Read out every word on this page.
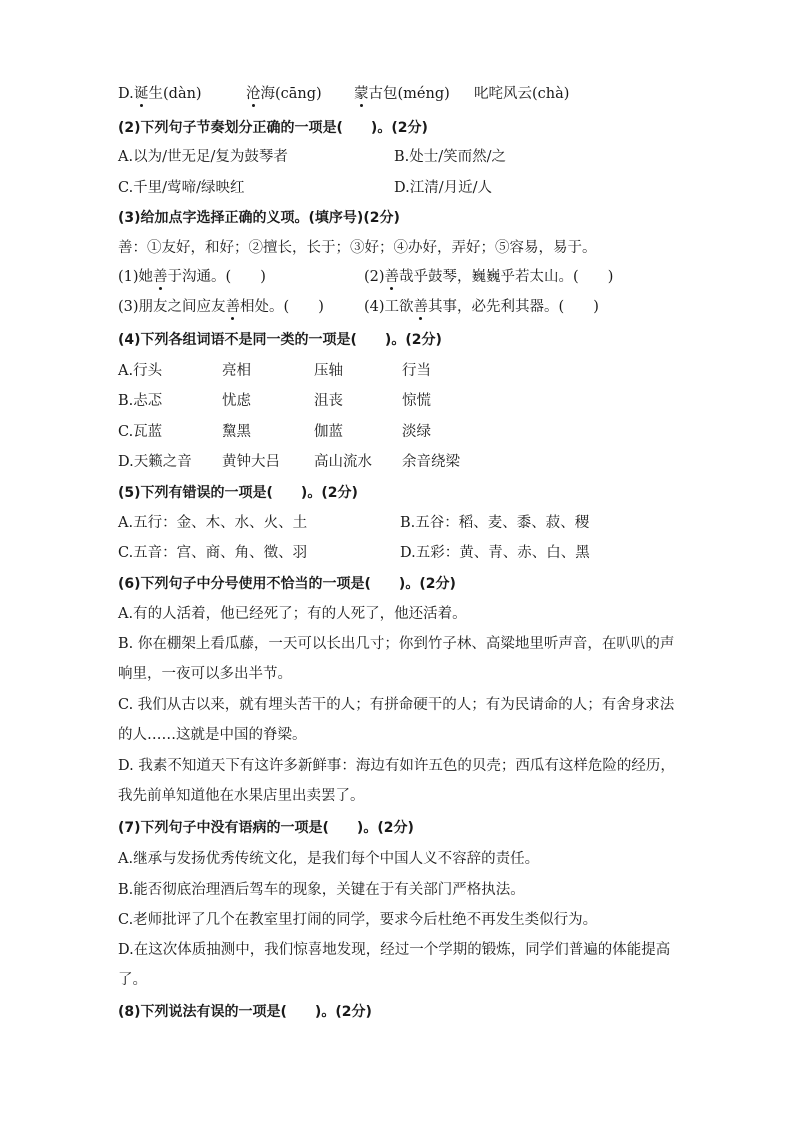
D. 诞生(dàn)	沧海(cāng) 蒙古包(méng) 叱咤风云(chà)
(2)下列句子节奏划分正确的一项是(　　)。(2分)
A.以为/世无足/复为鼓琴者	B.处士/笑而然/之
C.千里/莺啼/绿映红	D.江清/月近/人
(3)给加点字选择正确的义项。(填序号)(2分)
善：①友好，和好；②擅长，长于；③好；④办好，弄好；⑤容易，易于。
(1)她善于沟通。(　　)	(2)善哉乎鼓琴，巍巍乎若太山。(　　)
(3)朋友之间应友善相处。(　　)	(4)工欲善其事，必先利其器。(　　)
(4)下列各组词语不是同一类的一项是(　　)。(2分)
A.行头	亮相	压轴	行当
B.忐忑	忧虑	沮丧	惊慌
C.瓦蓝	黧黑	伽蓝	淡绿
D.天籁之音 黄钟大吕 高山流水 余音绕梁
(5)下列有错误的一项是(　　)。(2分)
A.五行：金、木、水、火、土	B.五谷：稻、麦、黍、菽、稷
C.五音：宫、商、角、徵、羽	D.五彩：黄、青、赤、白、黑
(6)下列句子中分号使用不恰当的一项是(　　)。(2分)
A.有的人活着，他已经死了；有的人死了，他还活着。
B. 你在棚架上看瓜藤，一天可以长出几寸；你到竹子林、高粱地里听声音，在叭叭的声响里，一夜可以多出半节。
C. 我们从古以来，就有埋头苦干的人；有拼命硬干的人；有为民请命的人；有舍身求法的人……这就是中国的脊梁。
D. 我素不知道天下有这许多新鲜事：海边有如许五色的贝壳；西瓜有这样危险的经历，我先前单知道他在水果店里出卖罢了。
(7)下列句子中没有语病的一项是(　　)。(2分)
A.继承与发扬优秀传统文化，是我们每个中国人义不容辞的责任。
B.能否彻底治理酒后驾车的现象，关键在于有关部门严格执法。
C.老师批评了几个在教室里打闹的同学，要求今后杜绝不再发生类似行为。
D.在这次体质抽测中，我们惊喜地发现，经过一个学期的锻炼，同学们普遍的体能提高了。
(8)下列说法有误的一项是(　　)。(2分)
